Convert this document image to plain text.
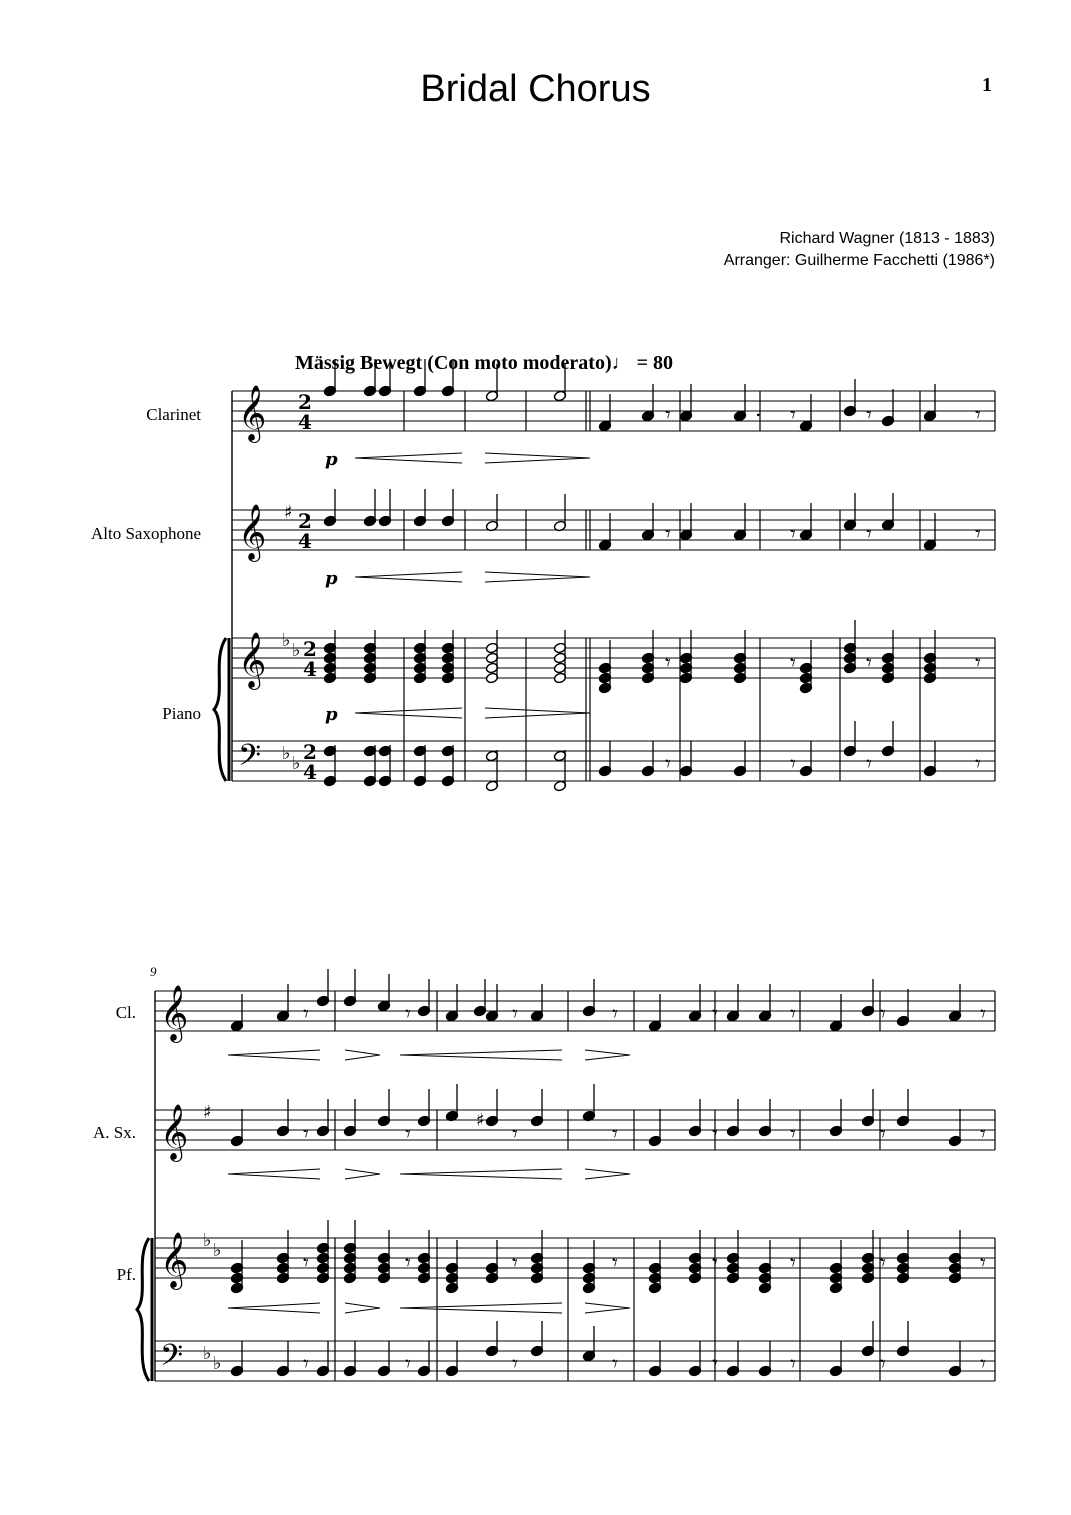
Bridal Chorus	1
Richard Wagner (1813 - 1883)
Arranger: Guilherme Facchetti (1986*)
Mässig Bewegt (Con moto moderato)♩ = 80
Clarinet
Alto Saxophone
Piano
Cl.
A. Sx.
Pf.
9
𝄞
𝄞
𝄞
𝄢
♯
♭ ♭
♭ ♭
2
4
2
4
2
4
2
4
𝄾	. 𝄾	𝄾	𝄾
p
𝄾	𝄾	𝄾	𝄾
p
𝄾	𝄾	𝄾	𝄾
p
𝄾	𝄾	𝄾	𝄾
𝄞
𝄞
𝄞
𝄢
♯
♭ ♭
♭ ♭
𝄾	𝄾	𝄾	𝄾	𝄾	𝄾	𝄾	𝄾
𝄾	𝄾
♯
𝄾	𝄾	𝄾	𝄾	𝄾	𝄾
𝄾	𝄾	𝄾	𝄾	𝄾	𝄾	𝄾	𝄾
𝄾	𝄾	𝄾	𝄾	𝄾	𝄾	𝄾	𝄾
